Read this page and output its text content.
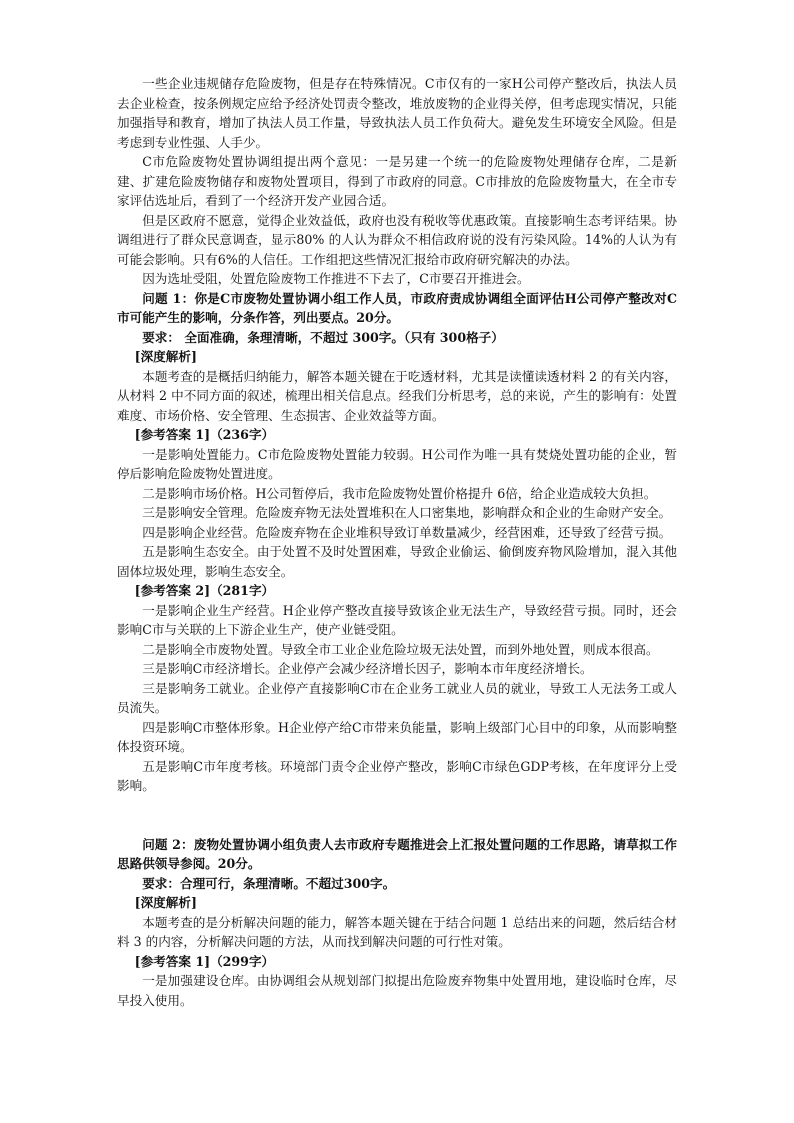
一些企业违规储存危险废物，但是存在特殊情况。C市仅有的一家H公司停产整改后，执法人员去企业检查，按条例规定应给予经济处罚责令整改，堆放废物的企业得关停，但考虑现实情况，只能加强指导和教育，增加了执法人员工作量，导致执法人员工作负荷大。避免发生环境安全风险。但是考虑到专业性强、人手少。

C市危险废物处置协调组提出两个意见：一是另建一个统一的危险废物处理储存仓库，二是新建、扩建危险废物储存和废物处置项目，得到了市政府的同意。C市排放的危险废物量大，在全市专家评估选址后，看到了一个经济开发产业园合适。

但是区政府不愿意，觉得企业效益低，政府也没有税收等优惠政策。直接影响生态考评结果。协调组进行了群众民意调查，显示80% 的人认为群众不相信政府说的没有污染风险。14%的人认为有可能会影响。只有6%的人信任。工作组把这些情况汇报给市政府研究解决的办法。

因为选址受阻，处置危险废物工作推进不下去了，C市要召开推进会。

问题 1：你是C市废物处置协调小组工作人员，市政府责成协调组全面评估H公司停产整改对C市可能产生的影响，分条作答，列出要点。20分。

要求： 全面准确，条理清晰，不超过 300字。（只有 300格子）

[深度解析]

本题考查的是概括归纳能力，解答本题关键在于吃透材料，尤其是读懂读透材料 2 的有关内容，从材料 2 中不同方面的叙述，梳理出相关信息点。经我们分析思考，总的来说，产生的影响有：处置难度、市场价格、安全管理、生态损害、企业效益等方面。

[参考答案 1]（236字）

一是影响处置能力。C市危险废物处置能力较弱。H公司作为唯一具有焚烧处置功能的企业，暂停后影响危险废物处置进度。

二是影响市场价格。H公司暂停后，我市危险废物处置价格提升 6倍，给企业造成较大负担。

三是影响安全管理。危险废弃物无法处置堆积在人口密集地，影响群众和企业的生命财产安全。

四是影响企业经营。危险废弃物在企业堆积导致订单数量减少，经营困难，还导致了经营亏损。

五是影响生态安全。由于处置不及时处置困难，导致企业偷运、偷倒废弃物风险增加，混入其他固体垃圾处理，影响生态安全。

[参考答案 2]（281字）

一是影响企业生产经营。H企业停产整改直接导致该企业无法生产，导致经营亏损。同时，还会影响C市与关联的上下游企业生产，使产业链受阻。

二是影响全市废物处置。导致全市工业企业危险垃圾无法处置，而到外地处置，则成本很高。

三是影响C市经济增长。企业停产会减少经济增长因子，影响本市年度经济增长。

三是影响务工就业。企业停产直接影响C市在企业务工就业人员的就业，导致工人无法务工或人员流失。

四是影响C市整体形象。H企业停产给C市带来负能量，影响上级部门心目中的印象，从而影响整体投资环境。

五是影响C市年度考核。环境部门责令企业停产整改，影响C市绿色GDP考核，在年度评分上受影响。

问题 2：废物处置协调小组负责人去市政府专题推进会上汇报处置问题的工作思路，请草拟工作思路供领导参阅。20分。

要求：合理可行，条理清晰。不超过300字。

[深度解析]

本题考查的是分析解决问题的能力，解答本题关键在于结合问题 1 总结出来的问题，然后结合材料 3 的内容，分析解决问题的方法，从而找到解决问题的可行性对策。

[参考答案 1]（299字）

一是加强建设仓库。由协调组会从规划部门拟提出危险废弃物集中处置用地，建设临时仓库，尽早投入使用。
